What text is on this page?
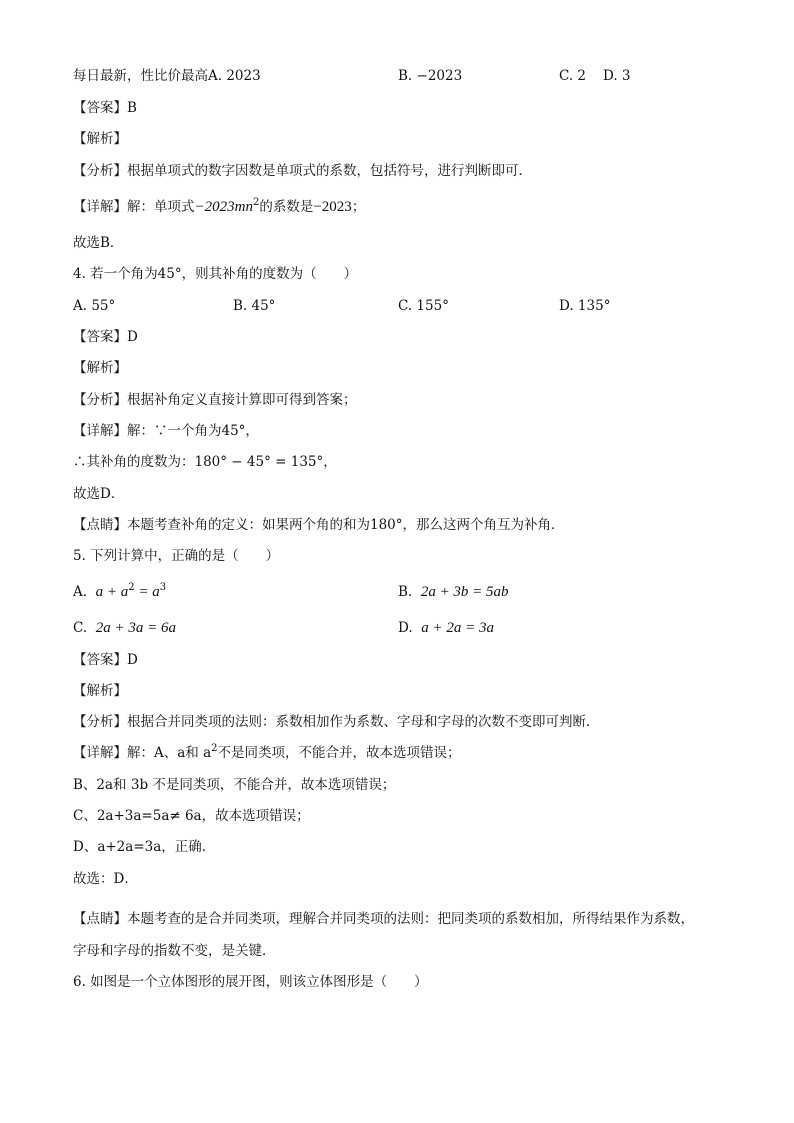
每日最新，性比价最高A. 2023	B. −2023	C. 2 D. 3
【答案】B
【解析】
【分析】根据单项式的数字因数是单项式的系数，包括符号，进行判断即可．
【详解】解：单项式$-2023mn^2$的系数是−2023；
故选B．
4. 若一个角为45°，则其补角的度数为（　　）
A. 55°	B. 45°	C. 155°	D. 135°
【答案】D
【解析】
【分析】根据补角定义直接计算即可得到答案；
【详解】解：∵一个角为45°，
∴其补角的度数为：180° − 45° = 135°，
故选D．
【点睛】本题考查补角的定义：如果两个角的和为180°，那么这两个角互为补角．
5. 下列计算中，正确的是（　　）
A. $a + a^2 = a^3$	B. 2a + 3b = 5ab
C. 2a + 3a = 6a	D. a + 2a = 3a
【答案】D
【解析】
【分析】根据合并同类项的法则：系数相加作为系数、字母和字母的次数不变即可判断．
【详解】解：A、a和 $a^2$不是同类项，不能合并，故本选项错误；
B、2a和 3b 不是同类项，不能合并，故本选项错误；
C、2a+3a=5a≠ 6a，故本选项错误；
D、a+2a=3a，正确．
故选：D．
【点睛】本题考查的是合并同类项，理解合并同类项的法则：把同类项的系数相加，所得结果作为系数，
字母和字母的指数不变，是关键．
6. 如图是一个立体图形的展开图，则该立体图形是（　　）
